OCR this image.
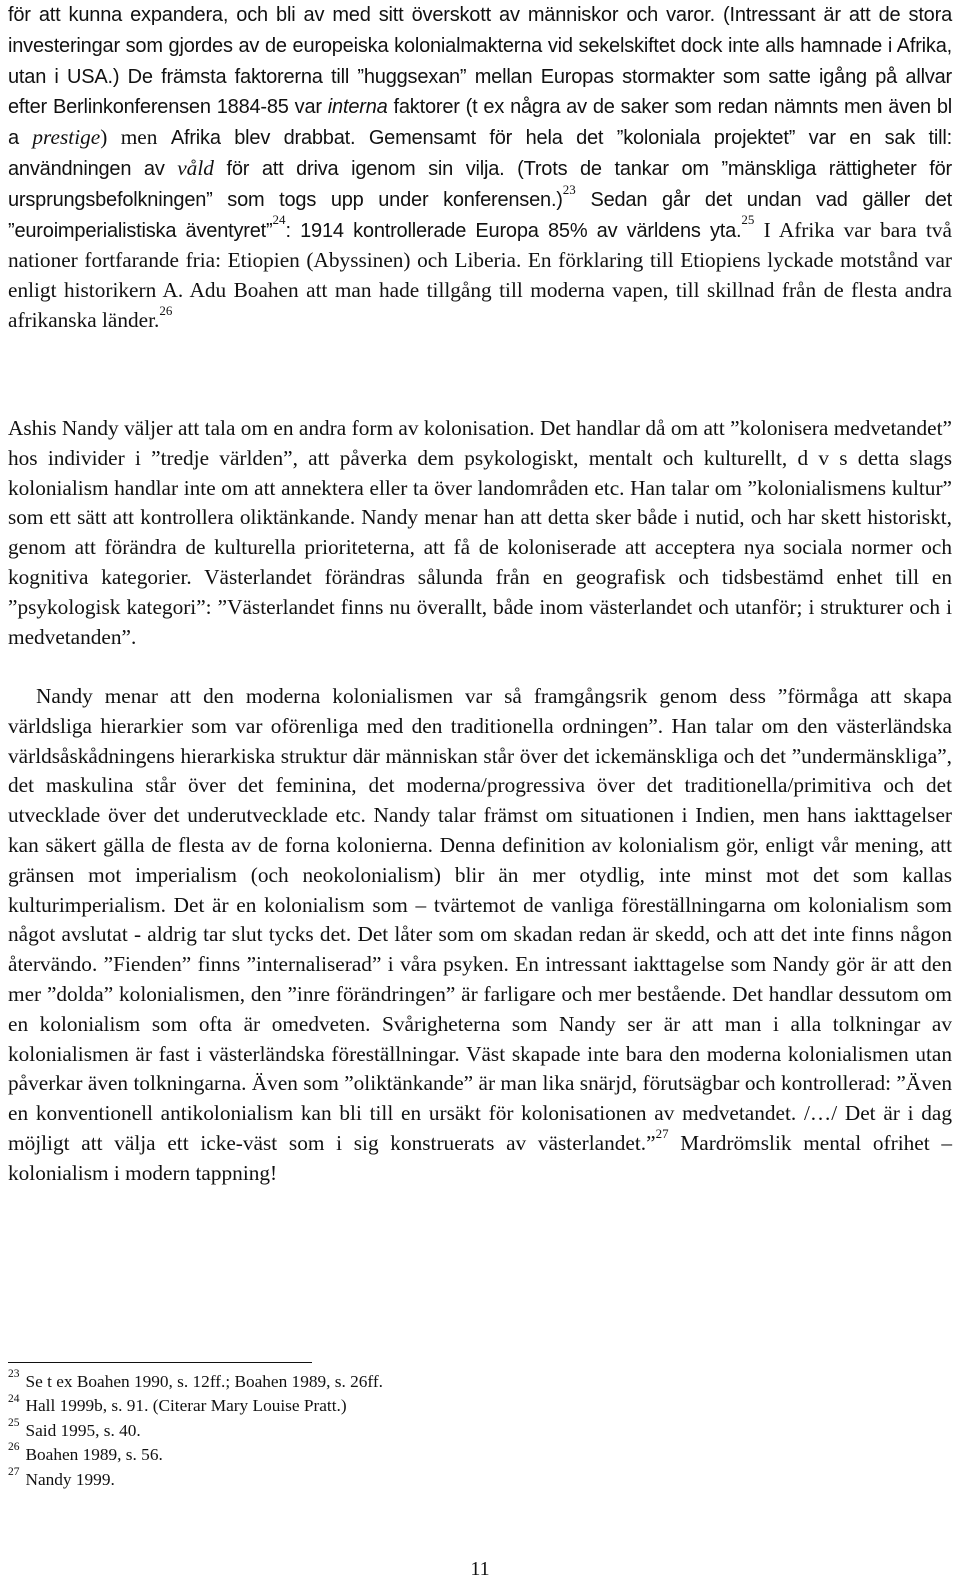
för att kunna expandera, och bli av med sitt överskott av människor och varor. (Intressant är att de stora investeringar som gjordes av de europeiska kolonialmakterna vid sekelskiftet dock inte alls hamnade i Afrika, utan i USA.) De främsta faktorerna till ”huggsexan” mellan Europas stormakter som satte igång på allvar efter Berlinkonferensen 1884-85 var interna faktorer (t ex några av de saker som redan nämnts men även bl a prestige) men Afrika blev drabbat. Gemensamt för hela det ”koloniala projektet” var en sak till: användningen av våld för att driva igenom sin vilja. (Trots de tankar om ”mänskliga rättigheter för ursprungsbefolkningen” som togs upp under konferensen.)$^{23}$ Sedan går det undan vad gäller det ”euroimperialistiska äventyret”$^{24}$: 1914 kontrollerade Europa 85% av världens yta.$^{25}$ I Afrika var bara två nationer fortfarande fria: Etiopien (Abyssinen) och Liberia. En förklaring till Etiopiens lyckade motstånd var enligt historikern A. Adu Boahen att man hade tillgång till moderna vapen, till skillnad från de flesta andra afrikanska länder.$^{26}$

Ashis Nandy väljer att tala om en andra form av kolonisation. Det handlar då om att ”kolonisera medvetandet” hos individer i ”tredje världen”, att påverka dem psykologiskt, mentalt och kulturellt, d v s detta slags kolonialism handlar inte om att annektera eller ta över landområden etc. Han talar om ”kolonialismens kultur” som ett sätt att kontrollera oliktänkande. Nandy menar han att detta sker både i nutid, och har skett historiskt, genom att förändra de kulturella prioriteterna, att få de koloniserade att acceptera nya sociala normer och kognitiva kategorier. Västerlandet förändras sålunda från en geografisk och tidsbestämd enhet till en ”psykologisk kategori”: ”Västerlandet finns nu överallt, både inom västerlandet och utanför; i strukturer och i medvetanden”.

Nandy menar att den moderna kolonialismen var så framgångsrik genom dess ”förmåga att skapa världsliga hierarkier som var oförenliga med den traditionella ordningen”. Han talar om den västerländska världsåskådningens hierarkiska struktur där människan står över det ickemänskliga och det ”undermänskliga”, det maskulina står över det feminina, det moderna/progressiva över det traditionella/primitiva och det utvecklade över det underutvecklade etc. Nandy talar främst om situationen i Indien, men hans iakttagelser kan säkert gälla de flesta av de forna kolonierna. Denna definition av kolonialism gör, enligt vår mening, att gränsen mot imperialism (och neokolonialism) blir än mer otydlig, inte minst mot det som kallas kulturimperialism. Det är en kolonialism som – tvärtemot de vanliga föreställningarna om kolonialism som något avslutat - aldrig tar slut tycks det. Det låter som om skadan redan är skedd, och att det inte finns någon återvändo. ”Fienden” finns ”internaliserad” i våra psyken. En intressant iakttagelse som Nandy gör är att den mer ”dolda” kolonialismen, den ”inre förändringen” är farligare och mer bestående. Det handlar dessutom om en kolonialism som ofta är omedveten. Svårigheterna som Nandy ser är att man i alla tolkningar av kolonialismen är fast i västerländska föreställningar. Väst skapade inte bara den moderna kolonialismen utan påverkar även tolkningarna. Även som ”oliktänkande” är man lika snärjd, förutsägbar och kontrollerad: ”Även en konventionell antikolonialism kan bli till en ursäkt för kolonisationen av medvetandet. /…/ Det är i dag möjligt att välja ett icke-väst som i sig konstruerats av västerlandet.”$^{27}$ Mardrömslik mental ofrihet – kolonialism i modern tappning!

$^{23}$ Se t ex Boahen 1990, s. 12ff.; Boahen 1989, s. 26ff.
$^{24}$ Hall 1999b, s. 91. (Citerar Mary Louise Pratt.)
$^{25}$ Said 1995, s. 40.
$^{26}$ Boahen 1989, s. 56.
$^{27}$ Nandy 1999.
11
